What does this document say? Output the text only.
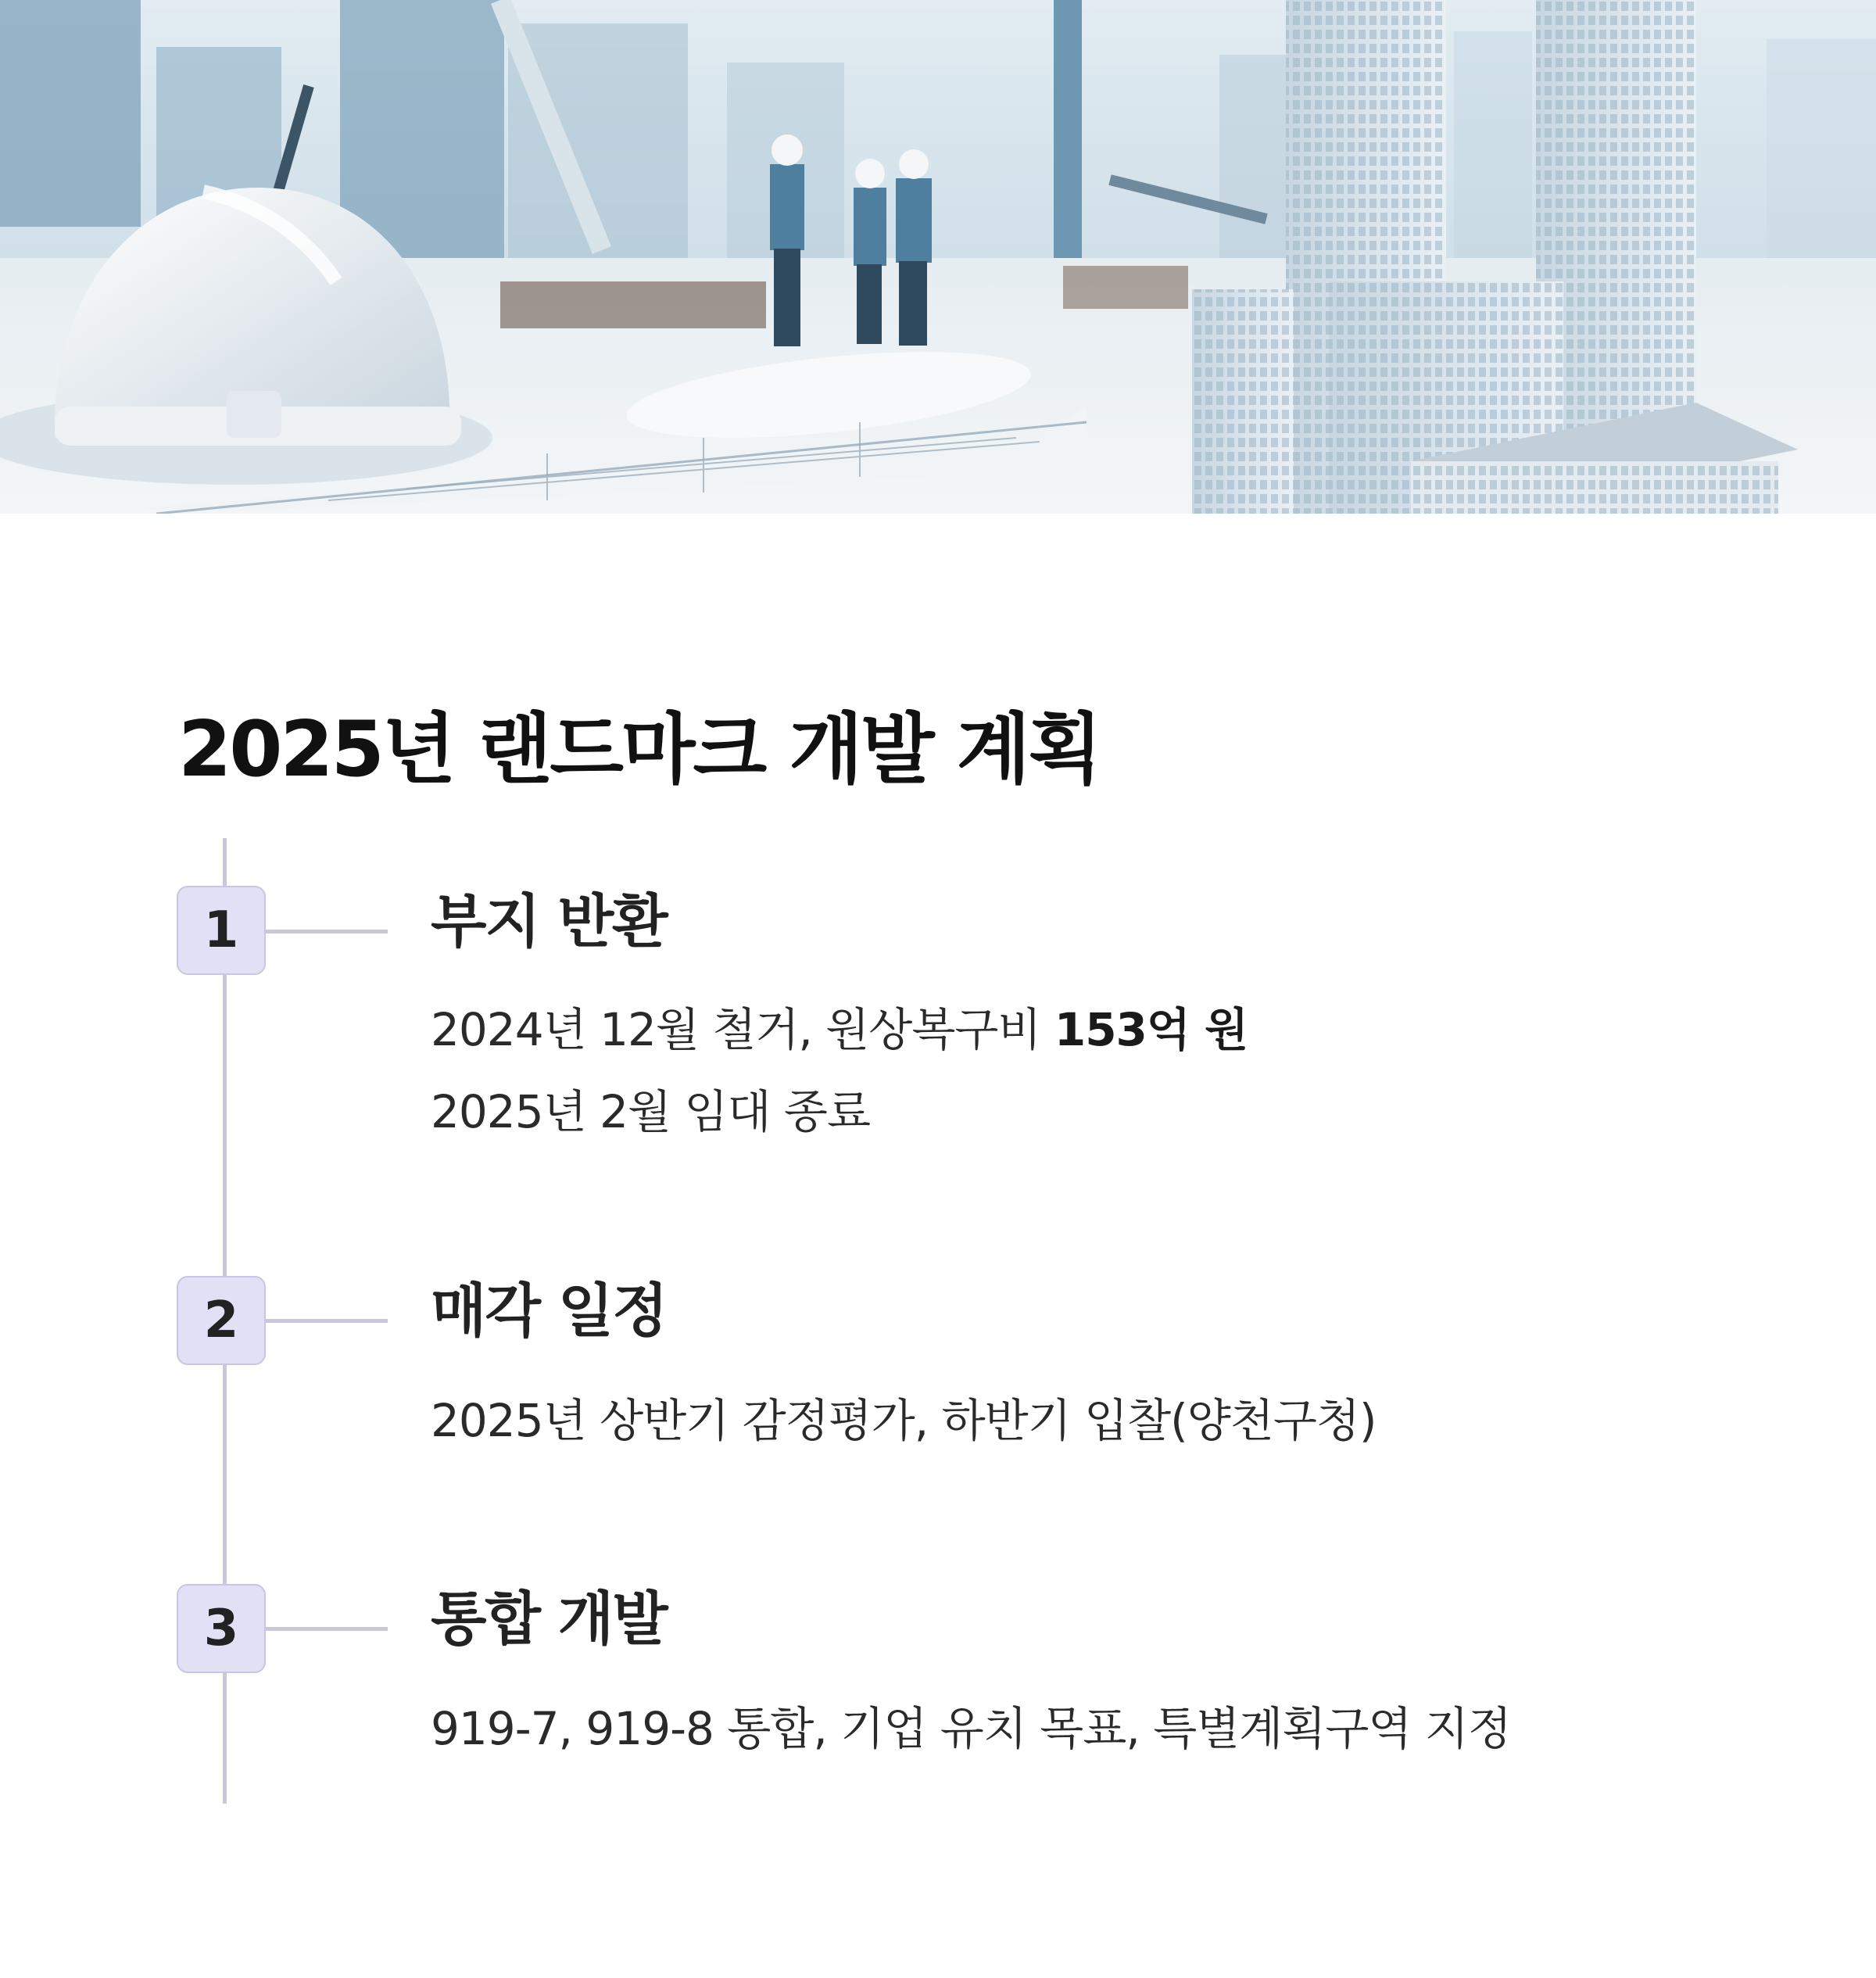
2025년 랜드마크 개발 계획
1	부지 반환

2024년 12월 철거, 원상복구비 153억 원

2025년 2월 임대 종료

2	매각 일정

2025년 상반기 감정평가, 하반기 입찰(양천구청)

3	통합 개발

919-7, 919-8 통합, 기업 유치 목표, 특별계획구역 지정
